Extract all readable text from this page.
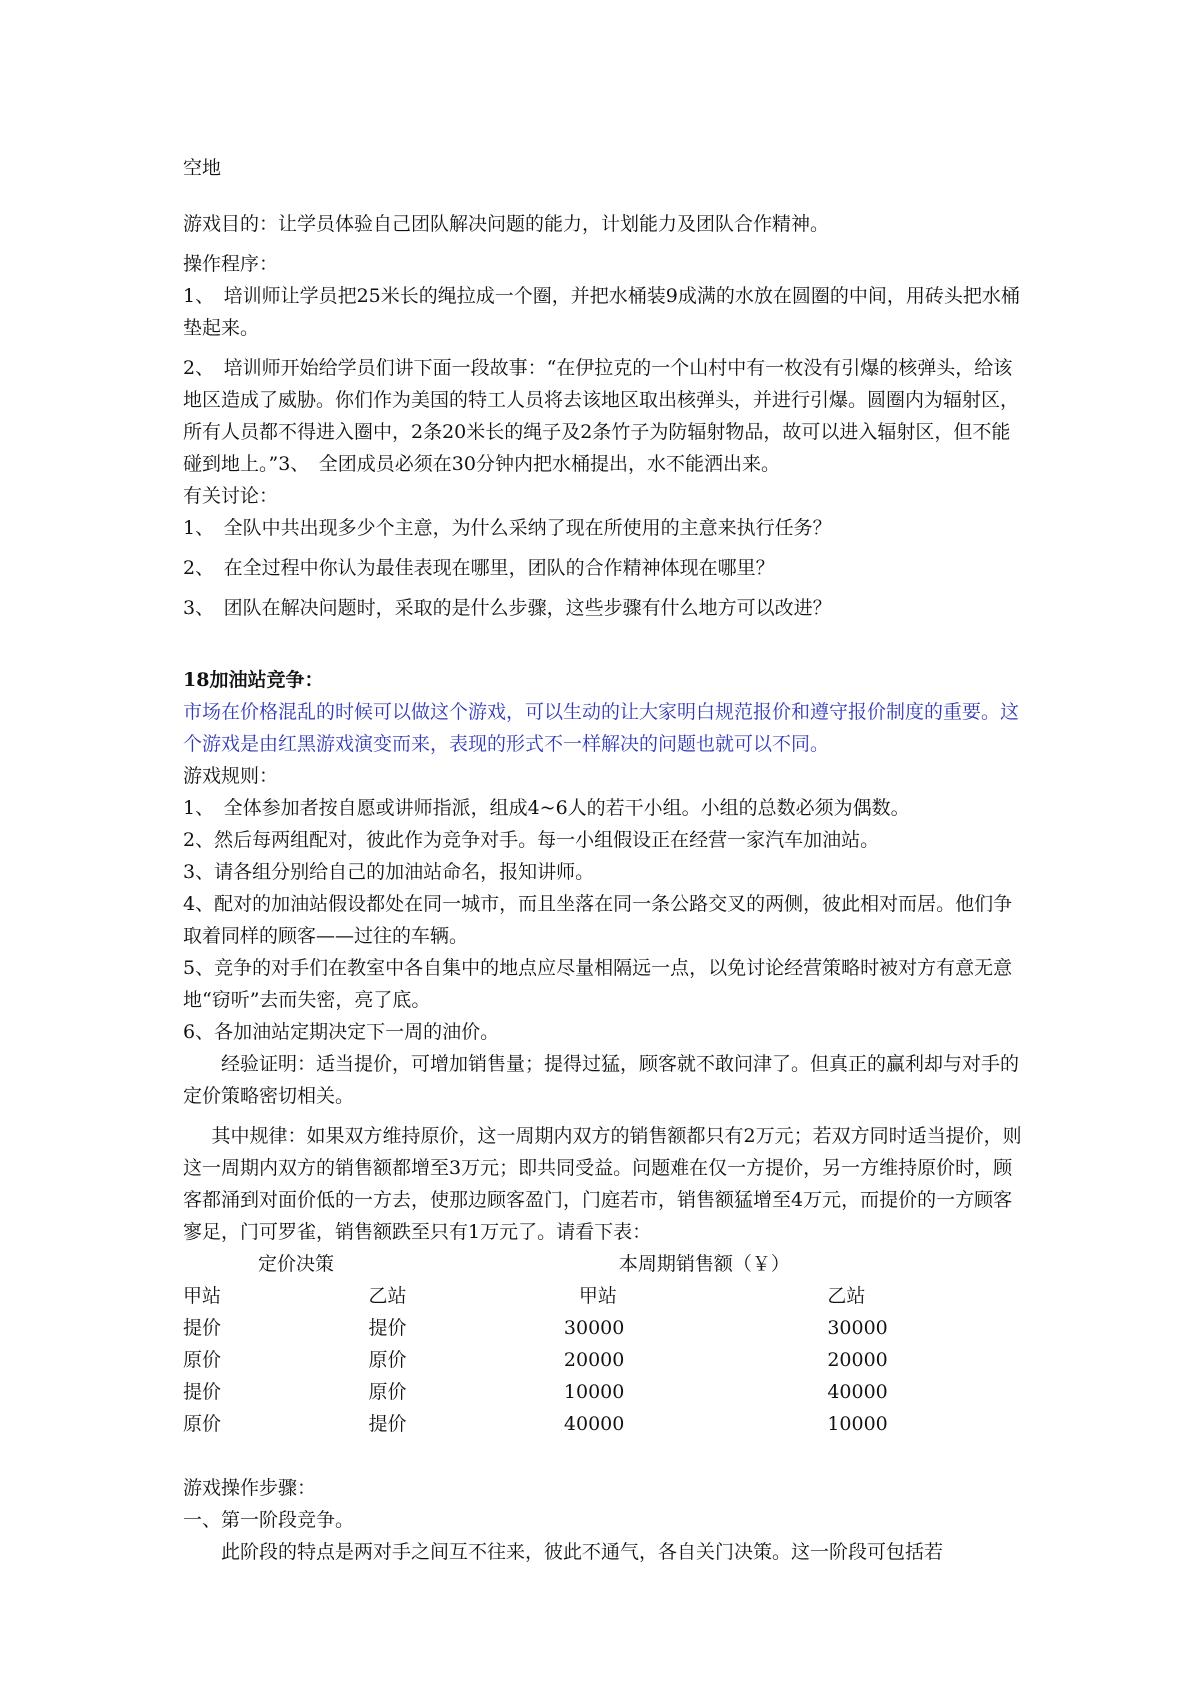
空地

游戏目的：让学员体验自己团队解决问题的能力，计划能力及团队合作精神。

操作程序：

1、　培训师让学员把25米长的绳拉成一个圈，并把水桶装9成满的水放在圆圈的中间，用砖头把水桶垫起来。

2、　培训师开始给学员们讲下面一段故事：“在伊拉克的一个山村中有一枚没有引爆的核弹头，给该地区造成了威胁。你们作为美国的特工人员将去该地区取出核弹头，并进行引爆。圆圈内为辐射区，所有人员都不得进入圈中，2条20米长的绳子及2条竹子为防辐射物品，故可以进入辐射区，但不能碰到地上。”3、　全团成员必须在30分钟内把水桶提出，水不能洒出来。

有关讨论：

1、　全队中共出现多少个主意，为什么采纳了现在所使用的主意来执行任务？

2、　在全过程中你认为最佳表现在哪里，团队的合作精神体现在哪里？

3、　团队在解决问题时，采取的是什么步骤，这些步骤有什么地方可以改进？

18加油站竞争：

市场在价格混乱的时候可以做这个游戏，可以生动的让大家明白规范报价和遵守报价制度的重要。这个游戏是由红黑游戏演变而来，表现的形式不一样解决的问题也就可以不同。

游戏规则：

1、　全体参加者按自愿或讲师指派，组成4~6人的若干小组。小组的总数必须为偶数。

2、然后每两组配对，彼此作为竞争对手。每一小组假设正在经营一家汽车加油站。

3、请各组分别给自己的加油站命名，报知讲师。

4、配对的加油站假设都处在同一城市，而且坐落在同一条公路交叉的两侧，彼此相对而居。他们争取着同样的顾客——过往的车辆。

5、竞争的对手们在教室中各自集中的地点应尽量相隔远一点，以免讨论经营策略时被对方有意无意地“窃听”去而失密，亮了底。

6、各加油站定期决定下一周的油价。

经验证明：适当提价，可增加销售量；提得过猛，顾客就不敢问津了。但真正的赢利却与对手的定价策略密切相关。

其中规律：如果双方维持原价，这一周期内双方的销售额都只有2万元；若双方同时适当提价，则这一周期内双方的销售额都增至3万元；即共同受益。问题难在仅一方提价，另一方维持原价时，顾客都涌到对面价低的一方去，使那边顾客盈门，门庭若市，销售额猛增至4万元，而提价的一方顾客寥足，门可罗雀，销售额跌至只有1万元了。请看下表：

定价决策		本周期销售额（￥）	
甲站	乙站	甲站	乙站
提价	提价	30000	30000
原价	原价	20000	20000
提价	原价	10000	40000
原价	提价	40000	10000

游戏操作步骤：

一、第一阶段竞争。

此阶段的特点是两对手之间互不往来，彼此不通气，各自关门决策。这一阶段可包括若
